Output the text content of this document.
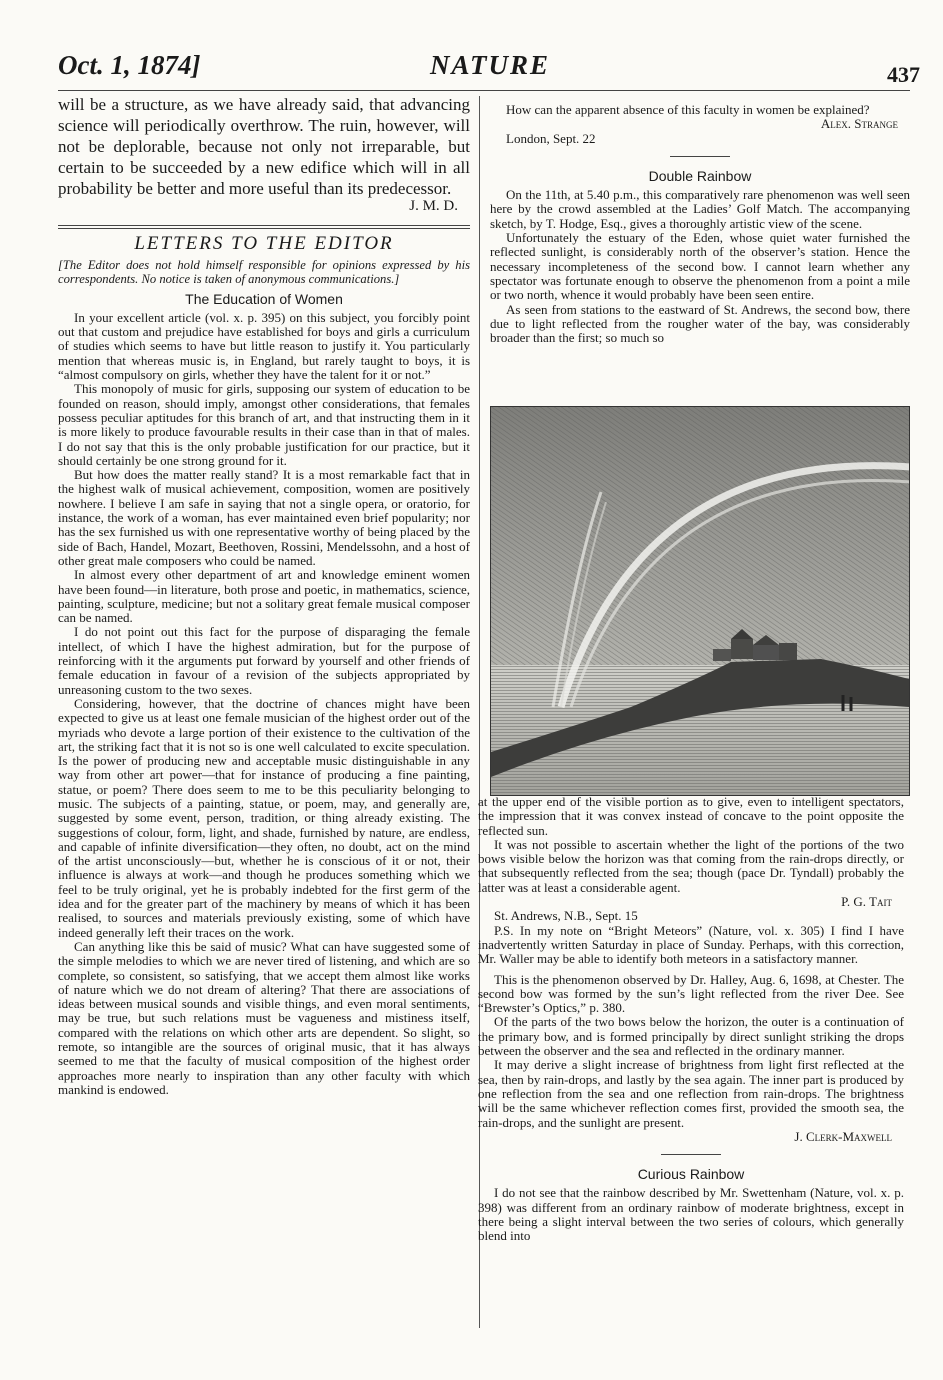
Oct. 1, 1874]	NATURE	437

will be a structure, as we have already said, that advancing science will periodically overthrow. The ruin, however, will not be deplorable, because not only not irreparable, but certain to be succeeded by a new edifice which will in all probability be better and more useful than its predecessor.

J. M. D.
LETTERS TO THE EDITOR

[The Editor does not hold himself responsible for opinions expressed by his correspondents. No notice is taken of anonymous communications.]

The Education of Women

In your excellent article (vol. x. p. 395) on this subject, you forcibly point out that custom and prejudice have established for boys and girls a curriculum of studies which seems to have but little reason to justify it. You particularly mention that whereas music is, in England, but rarely taught to boys, it is “almost compulsory on girls, whether they have the talent for it or not.”

This monopoly of music for girls, supposing our system of education to be founded on reason, should imply, amongst other considerations, that females possess peculiar aptitudes for this branch of art, and that instructing them in it is more likely to produce favourable results in their case than in that of males. I do not say that this is the only probable justification for our practice, but it should certainly be one strong ground for it.

But how does the matter really stand? It is a most remarkable fact that in the highest walk of musical achievement, composition, women are positively nowhere. I believe I am safe in saying that not a single opera, or oratorio, for instance, the work of a woman, has ever maintained even brief popularity; nor has the sex furnished us with one representative worthy of being placed by the side of Bach, Handel, Mozart, Beethoven, Rossini, Mendelssohn, and a host of other great male composers who could be named.

In almost every other department of art and knowledge eminent women have been found—in literature, both prose and poetic, in mathematics, science, painting, sculpture, medicine; but not a solitary great female musical composer can be named.

I do not point out this fact for the purpose of disparaging the female intellect, of which I have the highest admiration, but for the purpose of reinforcing with it the arguments put forward by yourself and other friends of female education in favour of a revision of the subjects appropriated by unreasoning custom to the two sexes.

Considering, however, that the doctrine of chances might have been expected to give us at least one female musician of the highest order out of the myriads who devote a large portion of their existence to the cultivation of the art, the striking fact that it is not so is one well calculated to excite speculation. Is the power of producing new and acceptable music distinguishable in any way from other art power—that for instance of producing a fine painting, statue, or poem? There does seem to me to be this peculiarity belonging to music. The subjects of a painting, statue, or poem, may, and generally are, suggested by some event, person, tradition, or thing already existing. The suggestions of colour, form, light, and shade, furnished by nature, are endless, and capable of infinite diversification—they often, no doubt, act on the mind of the artist unconsciously—but, whether he is conscious of it or not, their influence is always at work—and though he produces something which we feel to be truly original, yet he is probably indebted for the first germ of the idea and for the greater part of the machinery by means of which it has been realised, to sources and materials previously existing, some of which have indeed generally left their traces on the work.

Can anything like this be said of music? What can have suggested some of the simple melodies to which we are never tired of listening, and which are so complete, so consistent, so satisfying, that we accept them almost like works of nature which we do not dream of altering? That there are associations of ideas between musical sounds and visible things, and even moral sentiments, may be true, but such relations must be vagueness and mistiness itself, compared with the relations on which other arts are dependent. So slight, so remote, so intangible are the sources of original music, that it has always seemed to me that the faculty of musical composition of the highest order approaches more nearly to inspiration than any other faculty with which mankind is endowed.

How can the apparent absence of this faculty in women be explained?

Alex. Strange

London, Sept. 22

Double Rainbow

On the 11th, at 5.40 p.m., this comparatively rare phenomenon was well seen here by the crowd assembled at the Ladies’ Golf Match. The accompanying sketch, by T. Hodge, Esq., gives a thoroughly artistic view of the scene.

Unfortunately the estuary of the Eden, whose quiet water furnished the reflected sunlight, is considerably north of the observer’s station. Hence the necessary incompleteness of the second bow. I cannot learn whether any spectator was fortunate enough to observe the phenomenon from a point a mile or two north, whence it would probably have been seen entire.

As seen from stations to the eastward of St. Andrews, the second bow, there due to light reflected from the rougher water of the bay, was considerably broader than the first; so much so

at the upper end of the visible portion as to give, even to intelligent spectators, the impression that it was convex instead of concave to the point opposite the reflected sun.

It was not possible to ascertain whether the light of the portions of the two bows visible below the horizon was that coming from the rain-drops directly, or that subsequently reflected from the sea; though (pace Dr. Tyndall) probably the latter was at least a considerable agent.

P. G. Tait

St. Andrews, N.B., Sept. 15

P.S. In my note on “Bright Meteors” (Nature, vol. x. 305) I find I have inadvertently written Saturday in place of Sunday. Perhaps, with this correction, Mr. Waller may be able to identify both meteors in a satisfactory manner.

This is the phenomenon observed by Dr. Halley, Aug. 6, 1698, at Chester. The second bow was formed by the sun’s light reflected from the river Dee. See “Brewster’s Optics,” p. 380.

Of the parts of the two bows below the horizon, the outer is a continuation of the primary bow, and is formed principally by direct sunlight striking the drops between the observer and the sea and reflected in the ordinary manner.

It may derive a slight increase of brightness from light first reflected at the sea, then by rain-drops, and lastly by the sea again. The inner part is produced by one reflection from the sea and one reflection from rain-drops. The brightness will be the same whichever reflection comes first, provided the smooth sea, the rain-drops, and the sunlight are present.

J. Clerk-Maxwell
Curious Rainbow

I do not see that the rainbow described by Mr. Swettenham (Nature, vol. x. p. 398) was different from an ordinary rainbow of moderate brightness, except in there being a slight interval between the two series of colours, which generally blend into
